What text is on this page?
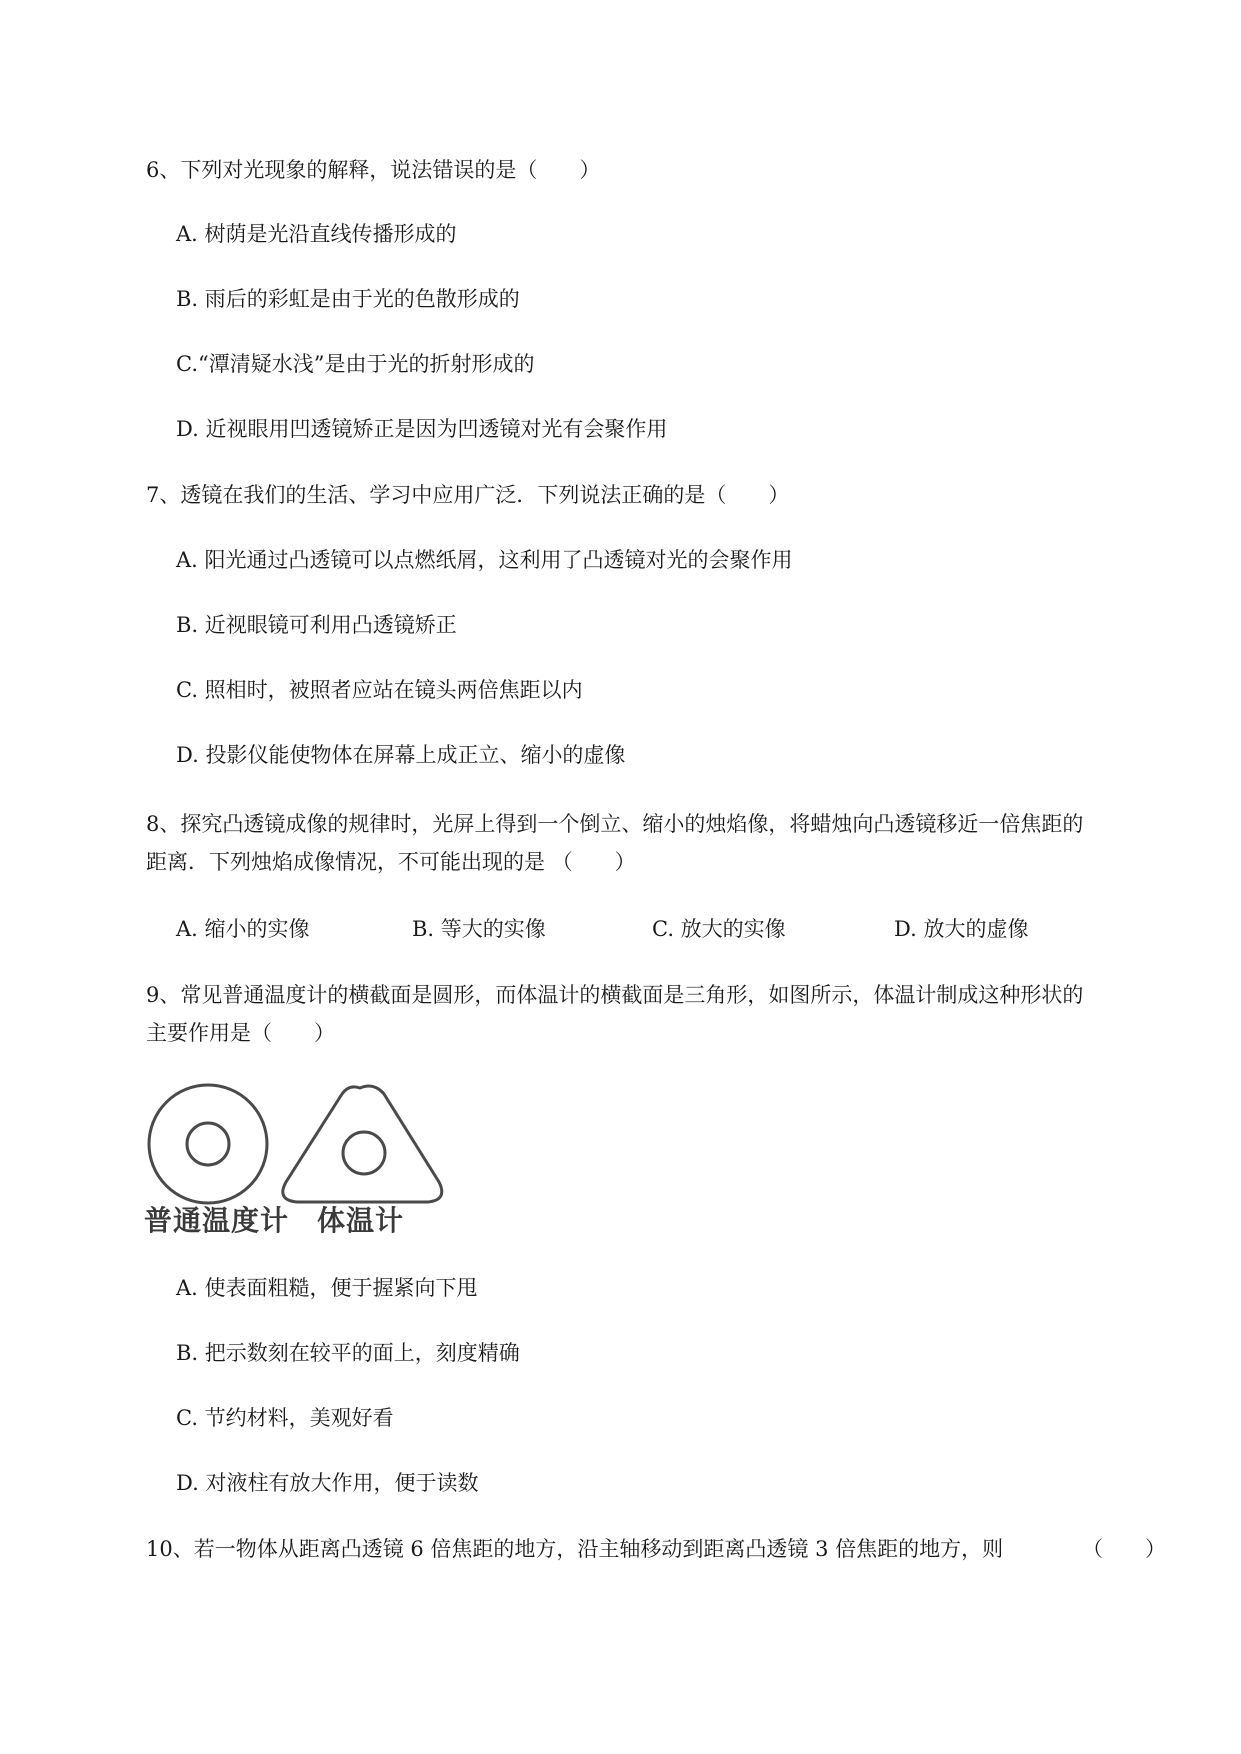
6、下列对光现象的解释，说法错误的是（　　）
A. 树荫是光沿直线传播形成的
B. 雨后的彩虹是由于光的色散形成的
C.“潭清疑水浅”是由于光的折射形成的
D. 近视眼用凹透镜矫正是因为凹透镜对光有会聚作用
7、透镜在我们的生活、学习中应用广泛．下列说法正确的是（　　）
A. 阳光通过凸透镜可以点燃纸屑，这利用了凸透镜对光的会聚作用
B. 近视眼镜可利用凸透镜矫正
C. 照相时，被照者应站在镜头两倍焦距以内
D. 投影仪能使物体在屏幕上成正立、缩小的虚像
8、探究凸透镜成像的规律时，光屏上得到一个倒立、缩小的烛焰像，将蜡烛向凸透镜移近一倍焦距的
距离．下列烛焰成像情况，不可能出现的是 （　　）
A. 缩小的实像	B. 等大的实像	C. 放大的实像	D. 放大的虚像
9、常见普通温度计的横截面是圆形，而体温计的横截面是三角形，如图所示，体温计制成这种形状的
主要作用是（　　）
普通温度计 体温计
A. 使表面粗糙，便于握紧向下甩
B. 把示数刻在较平的面上，刻度精确
C. 节约材料，美观好看
D. 对液柱有放大作用，便于读数
10、若一物体从距离凸透镜 6 倍焦距的地方，沿主轴移动到距离凸透镜 3 倍焦距的地方，则	（　　）
